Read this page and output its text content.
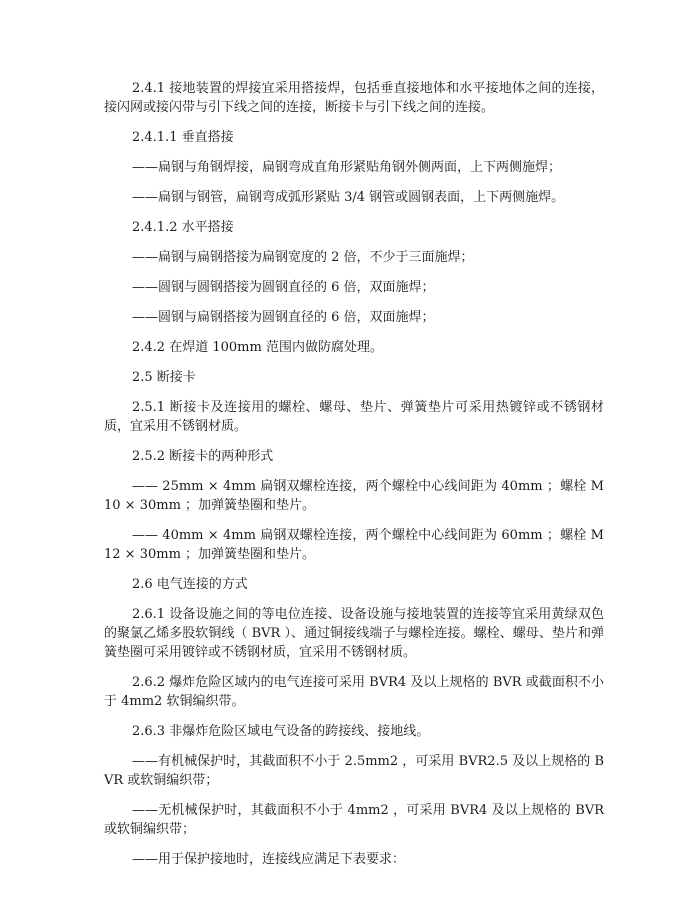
2.4.1 接地装置的焊接宜采用搭接焊，包括垂直接地体和水平接地体之间的连接，接闪网或接闪带与引下线之间的连接，断接卡与引下线之间的连接。

2.4.1.1 垂直搭接

——扁钢与角钢焊接，扁钢弯成直角形紧贴角钢外侧两面，上下两侧施焊；

——扁钢与钢管，扁钢弯成弧形紧贴 3/4 钢管或圆钢表面，上下两侧施焊。

2.4.1.2 水平搭接

——扁钢与扁钢搭接为扁钢宽度的 2 倍，不少于三面施焊；

——圆钢与圆钢搭接为圆钢直径的 6 倍，双面施焊；

——圆钢与扁钢搭接为圆钢直径的 6 倍，双面施焊；

2.4.2 在焊道 100mm 范围内做防腐处理。

2.5 断接卡

2.5.1 断接卡及连接用的螺栓、螺母、垫片、弹簧垫片可采用热镀锌或不锈钢材质，宜采用不锈钢材质。

2.5.2 断接卡的两种形式

—— 25mm × 4mm 扁钢双螺栓连接，两个螺栓中心线间距为 40mm ；螺栓 M10 × 30mm ；加弹簧垫圈和垫片。

—— 40mm × 4mm 扁钢双螺栓连接，两个螺栓中心线间距为 60mm ；螺栓 M12 × 30mm ；加弹簧垫圈和垫片。

2.6 电气连接的方式

2.6.1 设备设施之间的等电位连接、设备设施与接地装置的连接等宜采用黄绿双色的聚氯乙烯多股软铜线（ BVR ）、通过铜接线端子与螺栓连接。螺栓、螺母、垫片和弹簧垫圈可采用镀锌或不锈钢材质，宜采用不锈钢材质。

2.6.2 爆炸危险区域内的电气连接可采用 BVR4 及以上规格的 BVR 或截面积不小于 4mm2 软铜编织带。

2.6.3 非爆炸危险区域电气设备的跨接线、接地线。

——有机械保护时，其截面积不小于 2.5mm2 ，可采用 BVR2.5 及以上规格的 BVR 或软铜编织带；

——无机械保护时，其截面积不小于 4mm2 ，可采用 BVR4 及以上规格的 BVR 或软铜编织带；

——用于保护接地时，连接线应满足下表要求：
